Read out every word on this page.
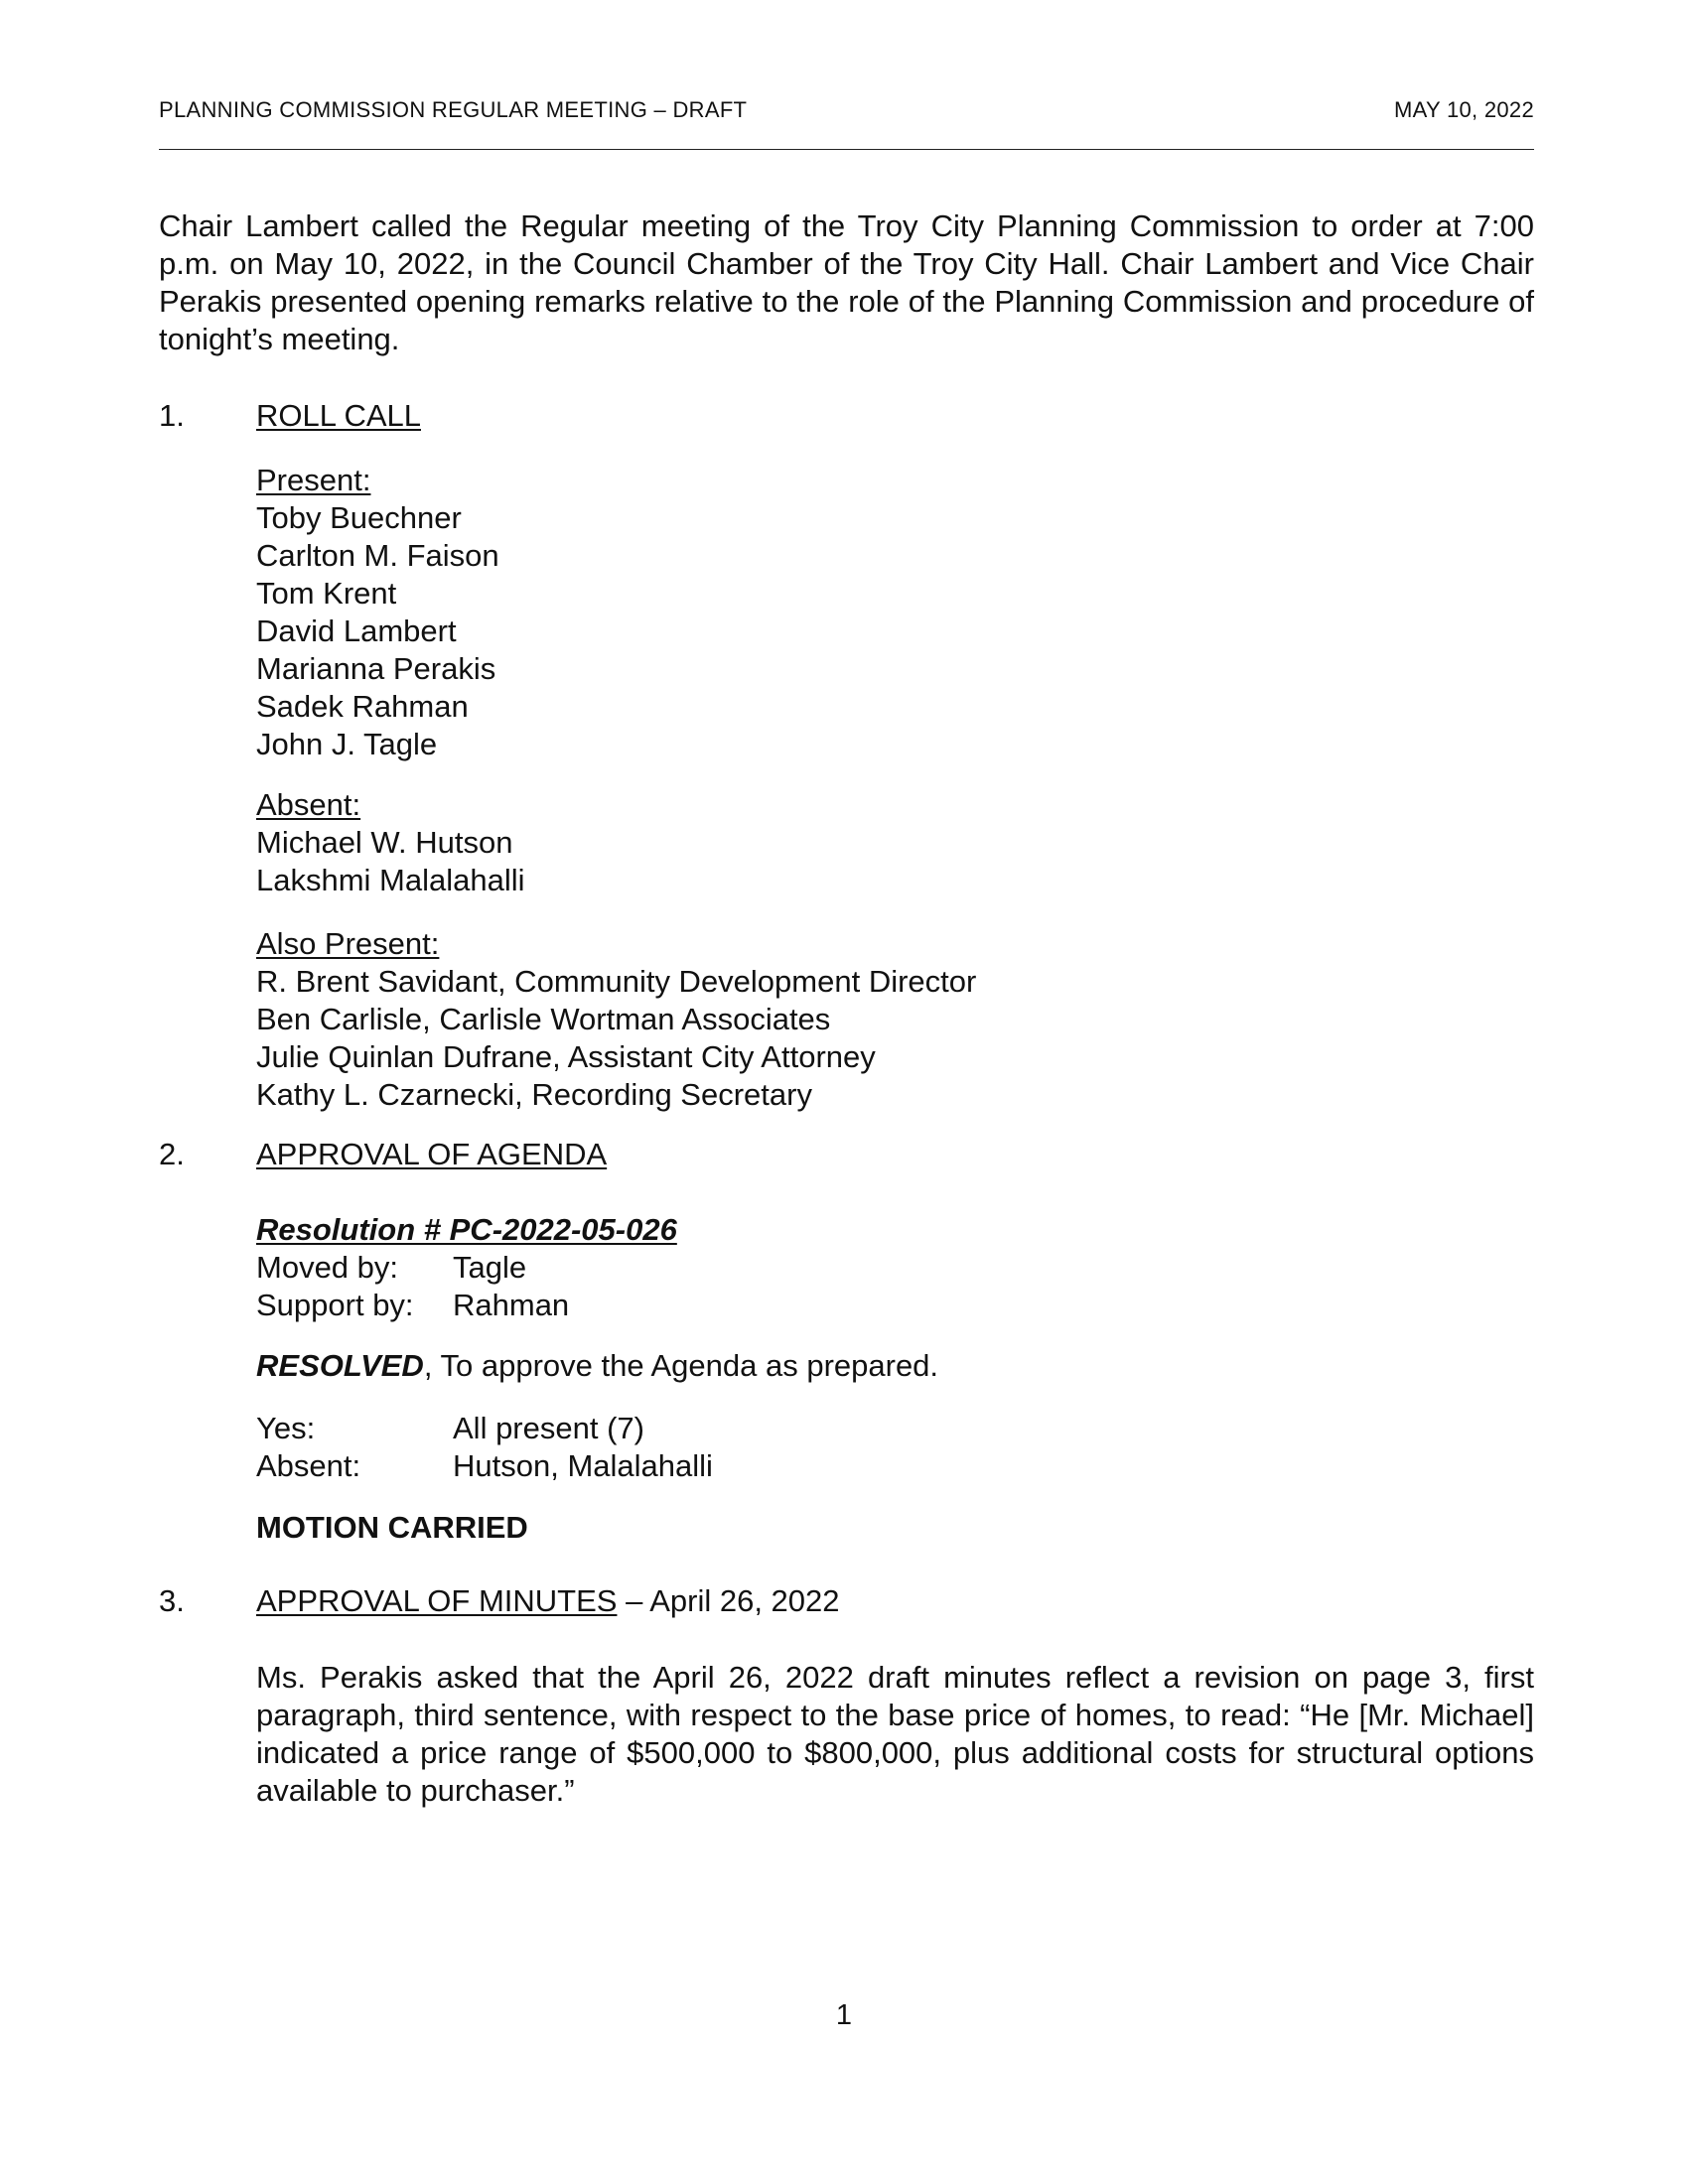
PLANNING COMMISSION REGULAR MEETING – DRAFT	MAY 10, 2022
Chair Lambert called the Regular meeting of the Troy City Planning Commission to order at 7:00 p.m. on May 10, 2022, in the Council Chamber of the Troy City Hall. Chair Lambert and Vice Chair Perakis presented opening remarks relative to the role of the Planning Commission and procedure of tonight’s meeting.
1. ROLL CALL
Present:
Toby Buechner
Carlton M. Faison
Tom Krent
David Lambert
Marianna Perakis
Sadek Rahman
John J. Tagle
Absent:
Michael W. Hutson
Lakshmi Malalahalli
Also Present:
R. Brent Savidant, Community Development Director
Ben Carlisle, Carlisle Wortman Associates
Julie Quinlan Dufrane, Assistant City Attorney
Kathy L. Czarnecki, Recording Secretary
2. APPROVAL OF AGENDA
Resolution # PC-2022-05-026
Moved by: Tagle
Support by: Rahman
RESOLVED, To approve the Agenda as prepared.
Yes:	All present (7)
Absent:	Hutson, Malalahalli
MOTION CARRIED
3. APPROVAL OF MINUTES – April 26, 2022
Ms. Perakis asked that the April 26, 2022 draft minutes reflect a revision on page 3, first paragraph, third sentence, with respect to the base price of homes, to read: “He [Mr. Michael] indicated a price range of $500,000 to $800,000, plus additional costs for structural options available to purchaser.”
1
